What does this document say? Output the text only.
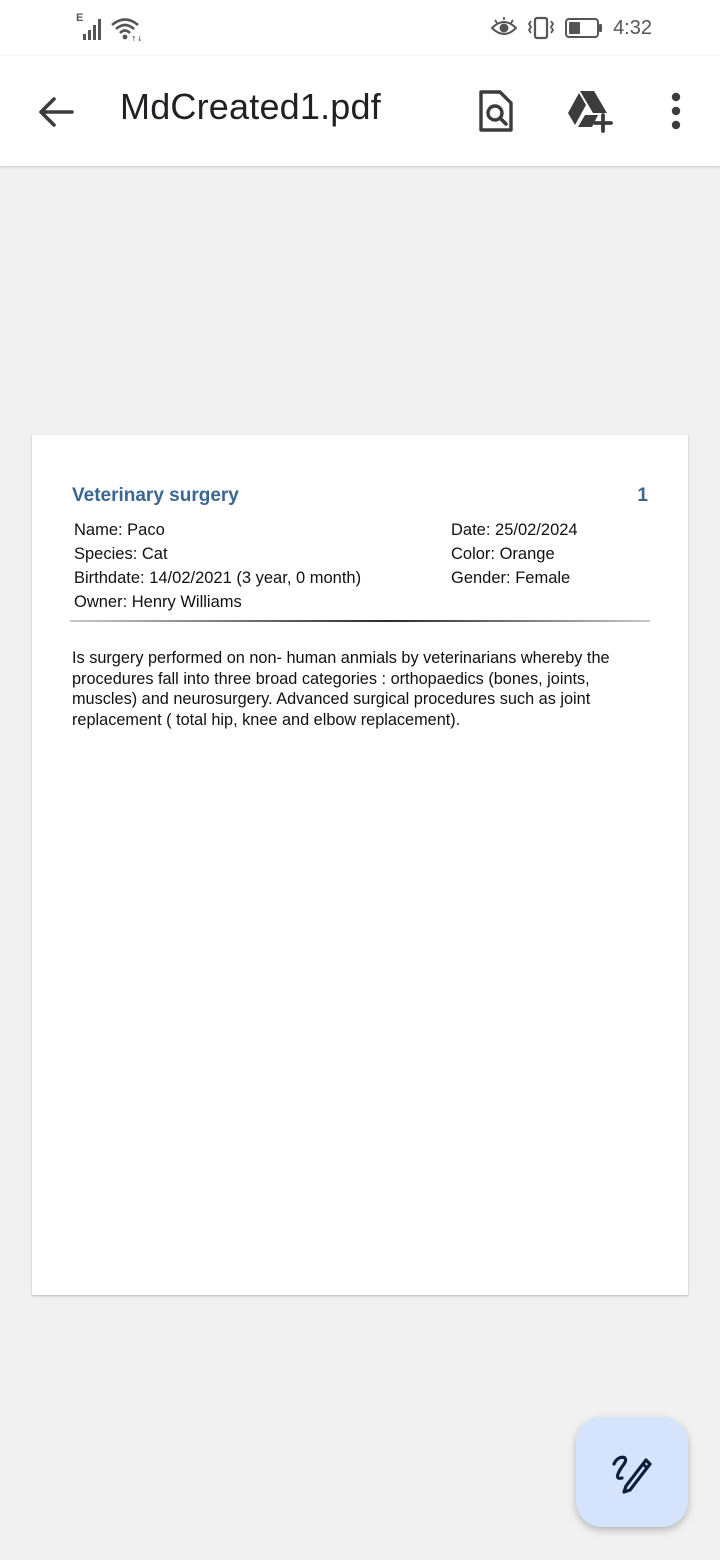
E
↑↓
4:32
MdCreated1.pdf
Veterinary surgery	1
Name: Paco
Species: Cat
Birthdate: 14/02/2021 (3 year, 0 month)
Owner: Henry Williams
Date: 25/02/2024
Color: Orange
Gender: Female
Is surgery performed on non- human anmials by veterinarians whereby the
procedures fall into three broad categories : orthopaedics (bones, joints,
muscles) and neurosurgery. Advanced surgical procedures such as joint
replacement ( total hip, knee and elbow replacement).
